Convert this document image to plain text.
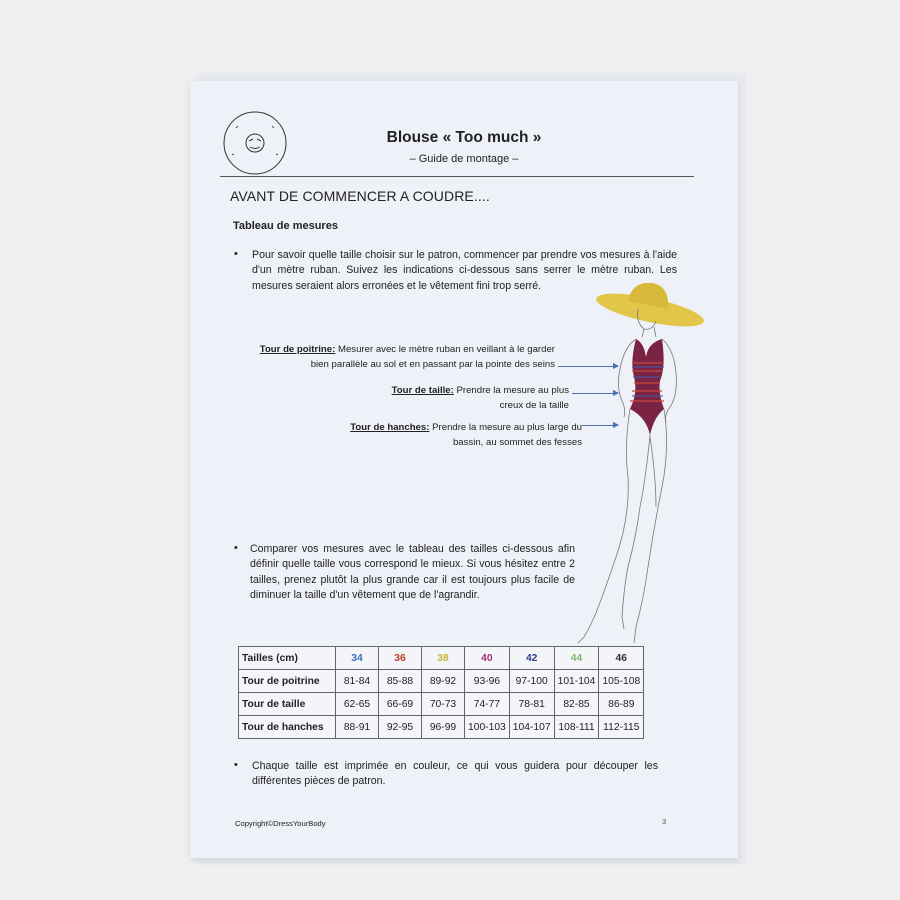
Blouse « Too much »
– Guide de montage –
AVANT DE COMMENCER A COUDRE....
Tableau de mesures
• Pour savoir quelle taille choisir sur le patron, commencer par prendre vos mesures à l'aide d'un mètre ruban. Suivez les indications ci-dessous sans serrer le mètre ruban. Les mesures seraient alors erronées et le vêtement fini trop serré.
Tour de poitrine: Mesurer avec le mètre ruban en veillant à le garder bien parallèle au sol et en passant par la pointe des seins
Tour de taille: Prendre la mesure au plus creux de la taille
Tour de hanches: Prendre la mesure au plus large du bassin, au sommet des fesses
• Comparer vos mesures avec le tableau des tailles ci-dessous afin définir quelle taille vous correspond le mieux. Si vous hésitez entre 2 tailles, prenez plutôt la plus grande car il est toujours plus facile de diminuer la taille d'un vêtement que de l'agrandir.
Tailles (cm)	34	36	38	40	42	44	46
Tour de poitrine	81-84	85-88	89-92	93-96	97-100	101-104	105-108
Tour de taille	62-65	66-69	70-73	74-77	78-81	82-85	86-89
Tour de hanches	88-91	92-95	96-99	100-103	104-107	108-111	112-115
• Chaque taille est imprimée en couleur, ce qui vous guidera pour découper les différentes pièces de patron.
Copyright©DressYourBody	3
